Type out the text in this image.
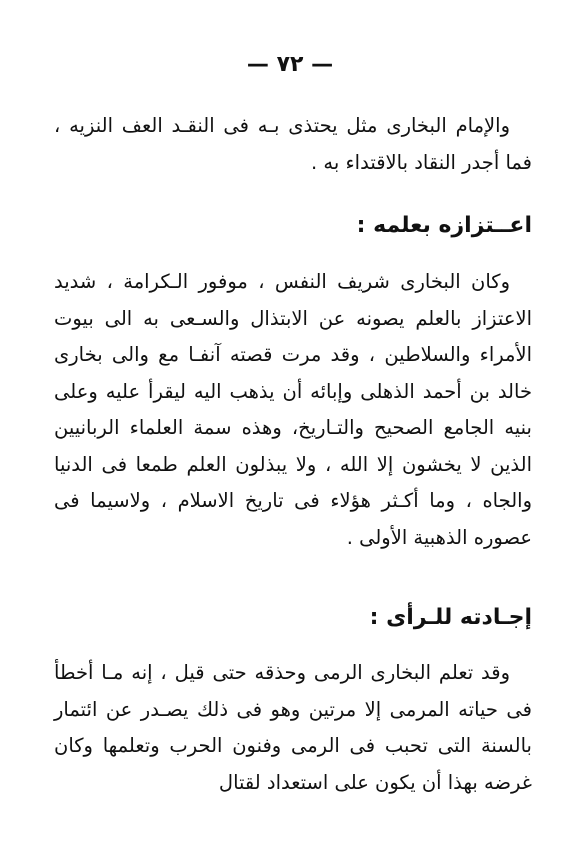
— ٧٢ —

والإمام البخارى مثل يحتذى بـه فى النقـد العف النزيه ، فما أجدر النقاد بالاقتداء به .

اعــتزازه بعلمه :

وكان البخارى شريف النفس ، موفور الـكرامة ، شديد الاعتزاز بالعلم يصونه عن الابتذال والسـعى به الى بيوت الأمراء والسلاطين ، وقد مرت قصته آنفـا مع والى بخارى خالد بن أحمد الذهلى وإبائه أن يذهب اليه ليقرأ عليه وعلى بنيه الجامع الصحيح والتـاريخ، وهذه سمة العلماء الربانيين الذين لا يخشون إلا الله ، ولا يبذلون العلم طمعا فى الدنيا والجاه ، وما أكـثر هؤلاء فى تاريخ الاسلام ، ولاسيما فى عصوره الذهبية الأولى .

إجـادته للـرأى :

وقد تعلم البخارى الرمى وحذقه حتى قيل ، إنه مـا أخطأ فى حياته المرمى إلا مرتين وهو فى ذلك يصـدر عن ائتمار بالسنة التى تحبب فى الرمى وفنون الحرب وتعلمها وكان غرضه بهذا أن يكون على استعداد لقتال
